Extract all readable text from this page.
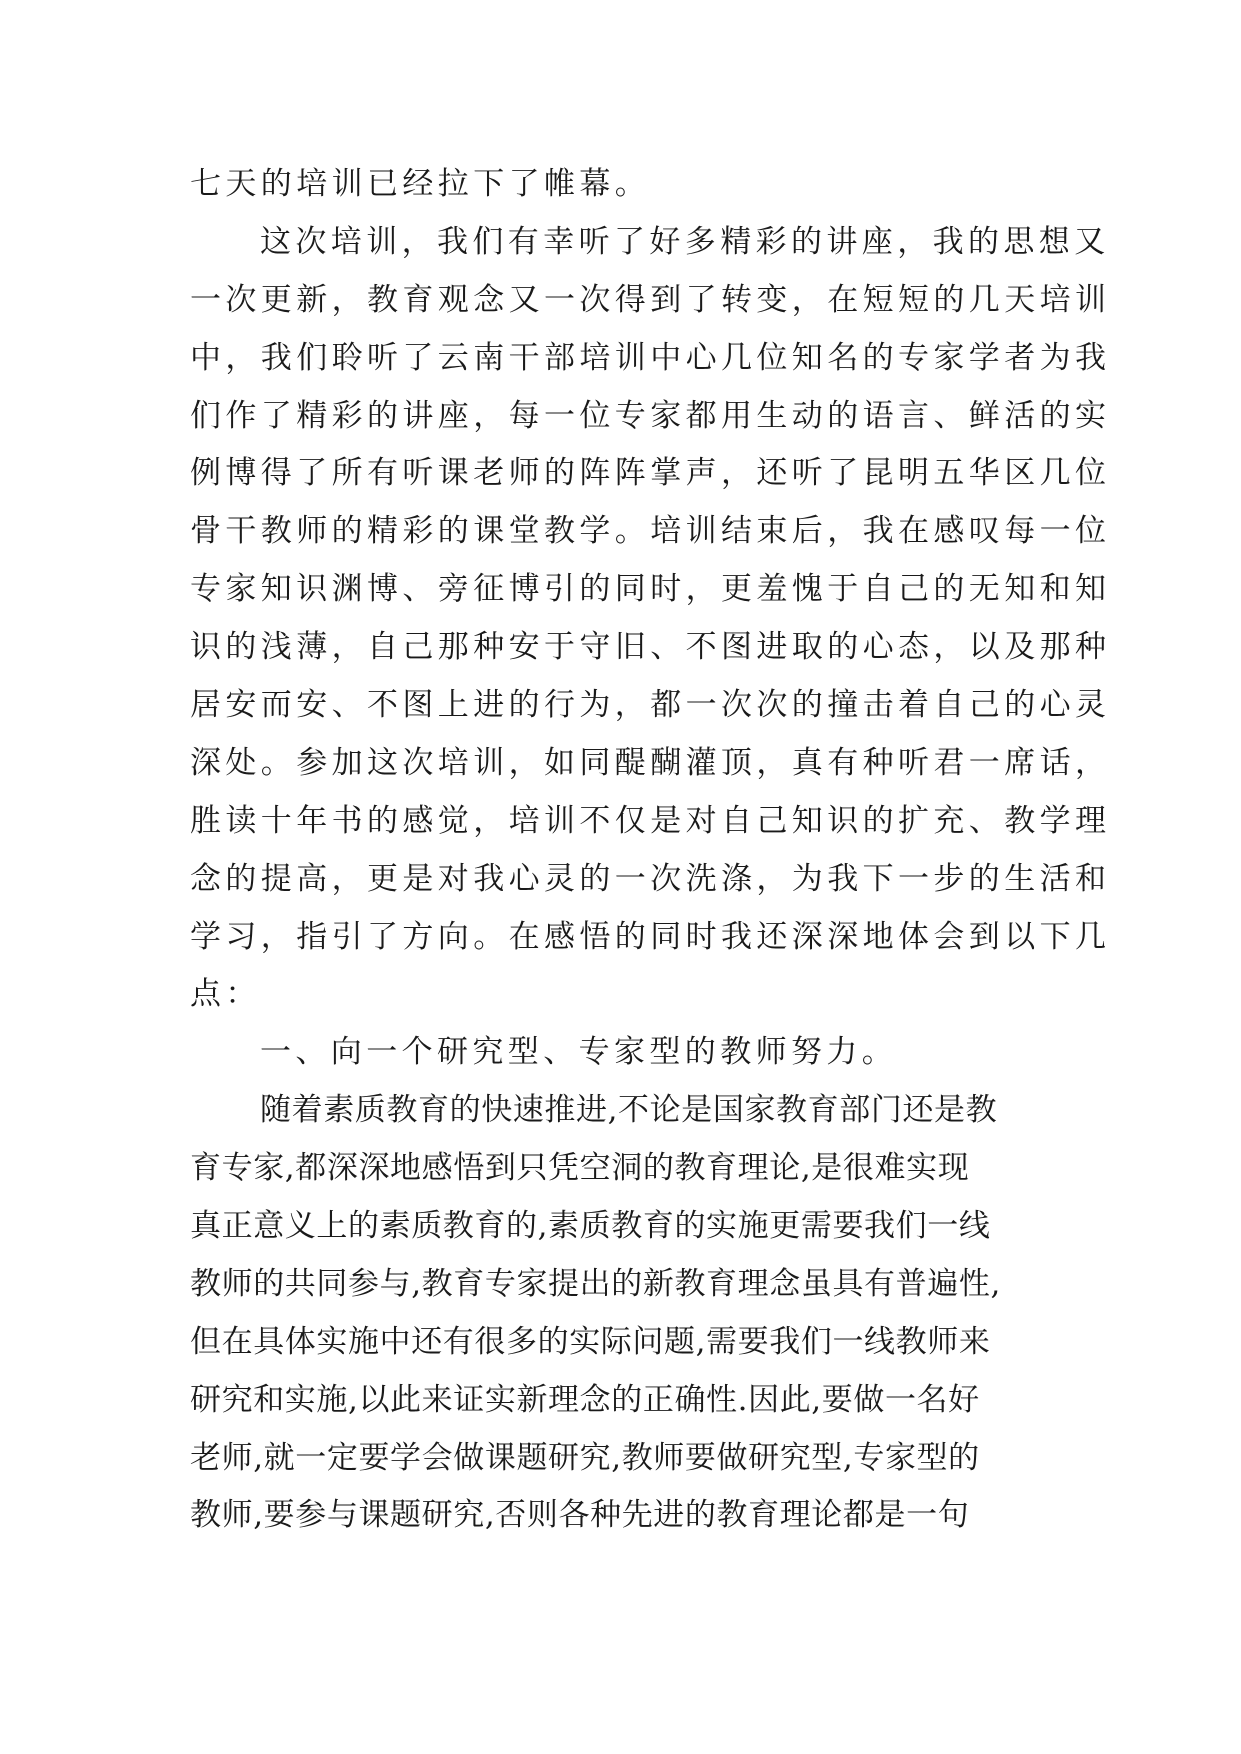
七天的培训已经拉下了帷幕。
这次培训，我们有幸听了好多精彩的讲座，我的思想又
一次更新，教育观念又一次得到了转变，在短短的几天培训
中，我们聆听了云南干部培训中心几位知名的专家学者为我
们作了精彩的讲座，每一位专家都用生动的语言、鲜活的实
例博得了所有听课老师的阵阵掌声，还听了昆明五华区几位
骨干教师的精彩的课堂教学。培训结束后，我在感叹每一位
专家知识渊博、旁征博引的同时，更羞愧于自己的无知和知
识的浅薄，自己那种安于守旧、不图进取的心态，以及那种
居安而安、不图上进的行为，都一次次的撞击着自己的心灵
深处。参加这次培训，如同醍醐灌顶，真有种听君一席话，
胜读十年书的感觉，培训不仅是对自己知识的扩充、教学理
念的提高，更是对我心灵的一次洗涤，为我下一步的生活和
学习，指引了方向。在感悟的同时我还深深地体会到以下几
点：
一、向一个研究型、专家型的教师努力。
随着素质教育的快速推进,不论是国家教育部门还是教
育专家,都深深地感悟到只凭空洞的教育理论,是很难实现
真正意义上的素质教育的,素质教育的实施更需要我们一线
教师的共同参与,教育专家提出的新教育理念虽具有普遍性,
但在具体实施中还有很多的实际问题,需要我们一线教师来
研究和实施,以此来证实新理念的正确性.因此,要做一名好
老师,就一定要学会做课题研究,教师要做研究型,专家型的
教师,要参与课题研究,否则各种先进的教育理论都是一句
